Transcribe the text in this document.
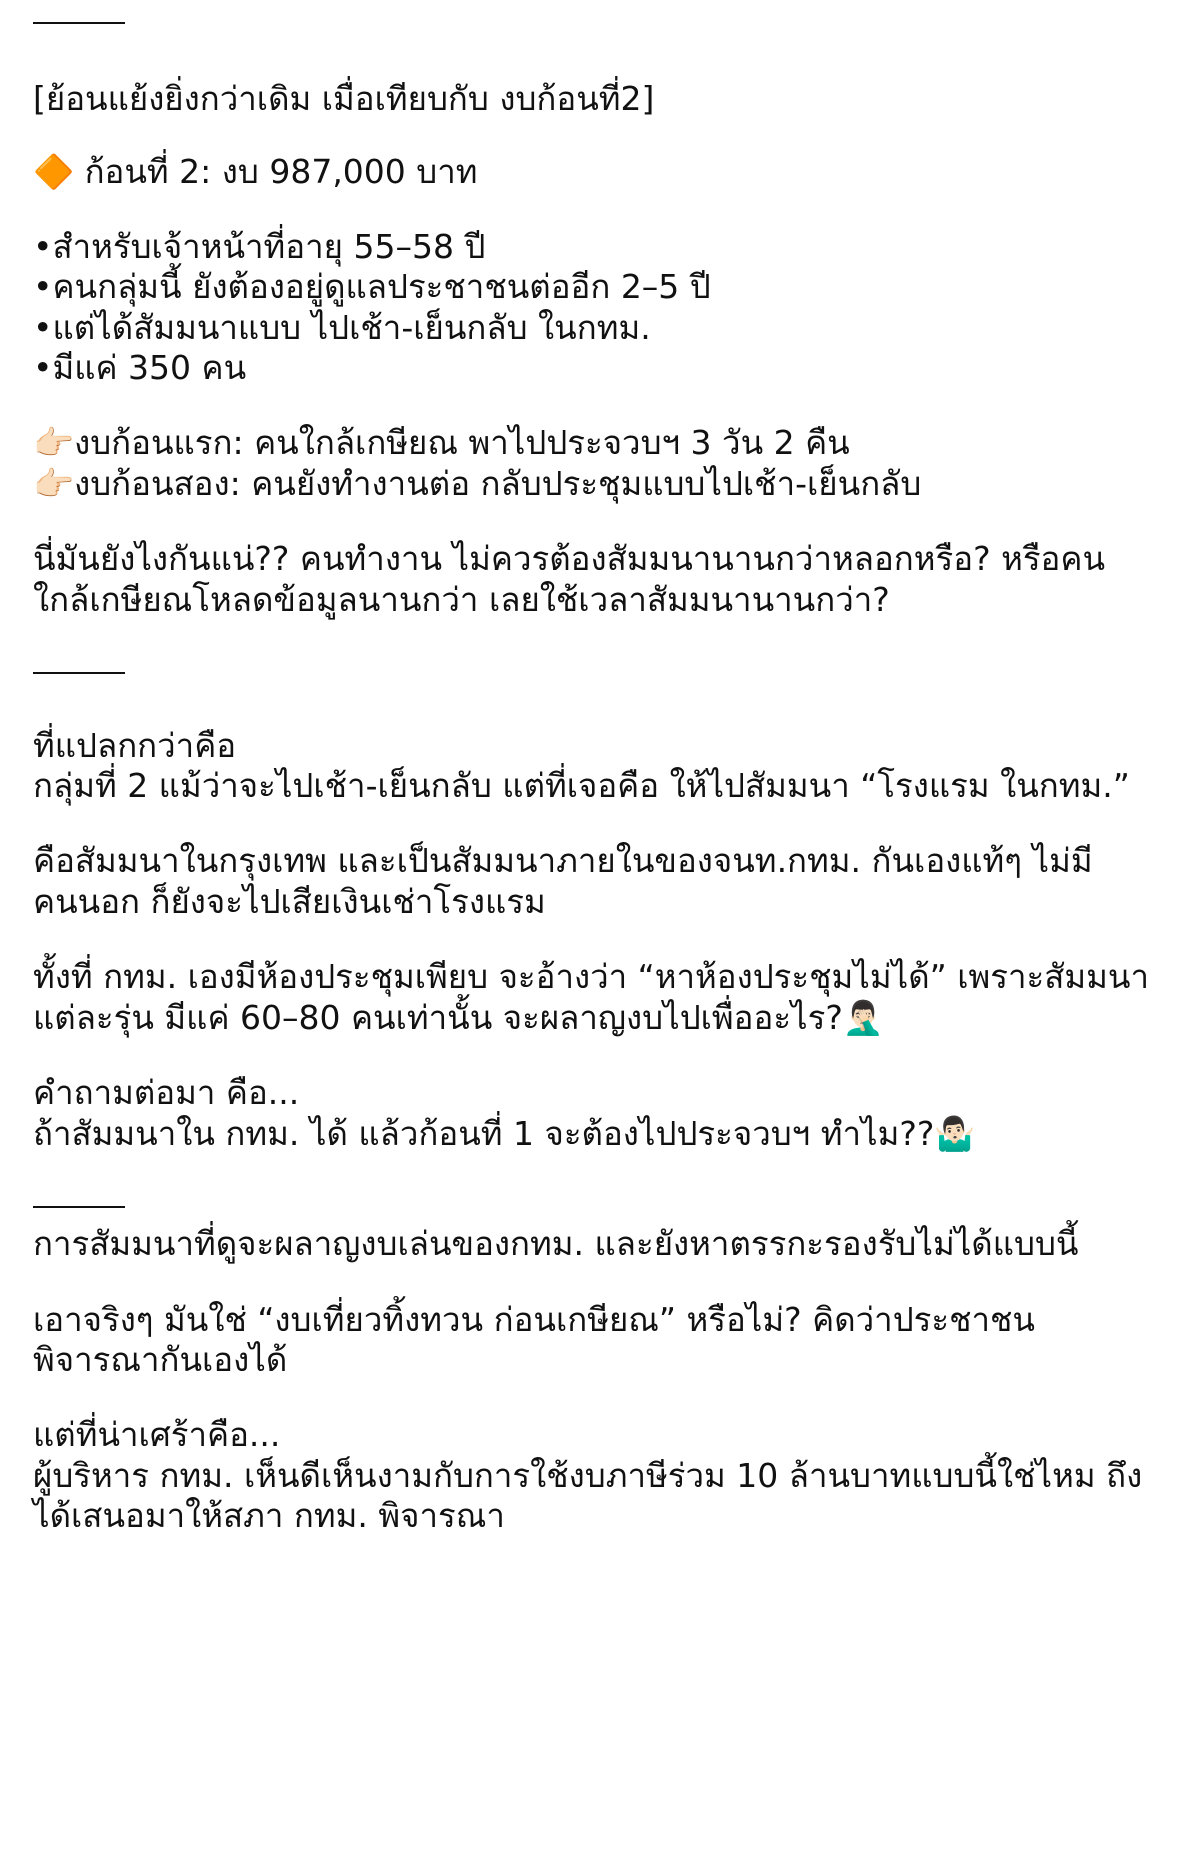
[ย้อนแย้งยิ่งกว่าเดิม เมื่อเทียบกับ งบก้อนที่2]
🔶 ก้อนที่ 2: งบ 987,000 บาท
•สำหรับเจ้าหน้าที่อายุ 55–58 ปี
•คนกลุ่มนี้ ยังต้องอยู่ดูแลประชาชนต่ออีก 2–5 ปี
•แต่ได้สัมมนาแบบ ไปเช้า-เย็นกลับ ในกทม.
•มีแค่ 350 คน
👉🏻งบก้อนแรก: คนใกล้เกษียณ พาไปประจวบฯ 3 วัน 2 คืน
👉🏻งบก้อนสอง: คนยังทำงานต่อ กลับประชุมแบบไปเช้า-เย็นกลับ
นี่มันยังไงกันแน่?? คนทำงาน ไม่ควรต้องสัมมนานานกว่าหลอกหรือ? หรือคน
ใกล้เกษียณโหลดข้อมูลนานกว่า เลยใช้เวลาสัมมนานานกว่า?
ที่แปลกกว่าคือ
กลุ่มที่ 2 แม้ว่าจะไปเช้า-เย็นกลับ แต่ที่เจอคือ ให้ไปสัมมนา “โรงแรม ในกทม.”
คือสัมมนาในกรุงเทพ และเป็นสัมมนาภายในของจนท.กทม. กันเองแท้ๆ ไม่มี
คนนอก ก็ยังจะไปเสียเงินเช่าโรงแรม
ทั้งที่ กทม. เองมีห้องประชุมเพียบ จะอ้างว่า “หาห้องประชุมไม่ได้” เพราะสัมมนา
แต่ละรุ่น มีแค่ 60–80 คนเท่านั้น จะผลาญงบไปเพื่ออะไร?🤦🏻‍♂️
คำถามต่อมา คือ...
ถ้าสัมมนาใน กทม. ได้ แล้วก้อนที่ 1 จะต้องไปประจวบฯ ทำไม??🤷🏻‍♂️
การสัมมนาที่ดูจะผลาญงบเล่นของกทม. และยังหาตรรกะรองรับไม่ได้แบบนี้
เอาจริงๆ มันใช่ “งบเที่ยวทิ้งทวน ก่อนเกษียณ” หรือไม่? คิดว่าประชาชน
พิจารณากันเองได้
แต่ที่น่าเศร้าคือ...
ผู้บริหาร กทม. เห็นดีเห็นงามกับการใช้งบภาษีร่วม 10 ล้านบาทแบบนี้ใช่ไหม ถึง
ได้เสนอมาให้สภา กทม. พิจารณา
